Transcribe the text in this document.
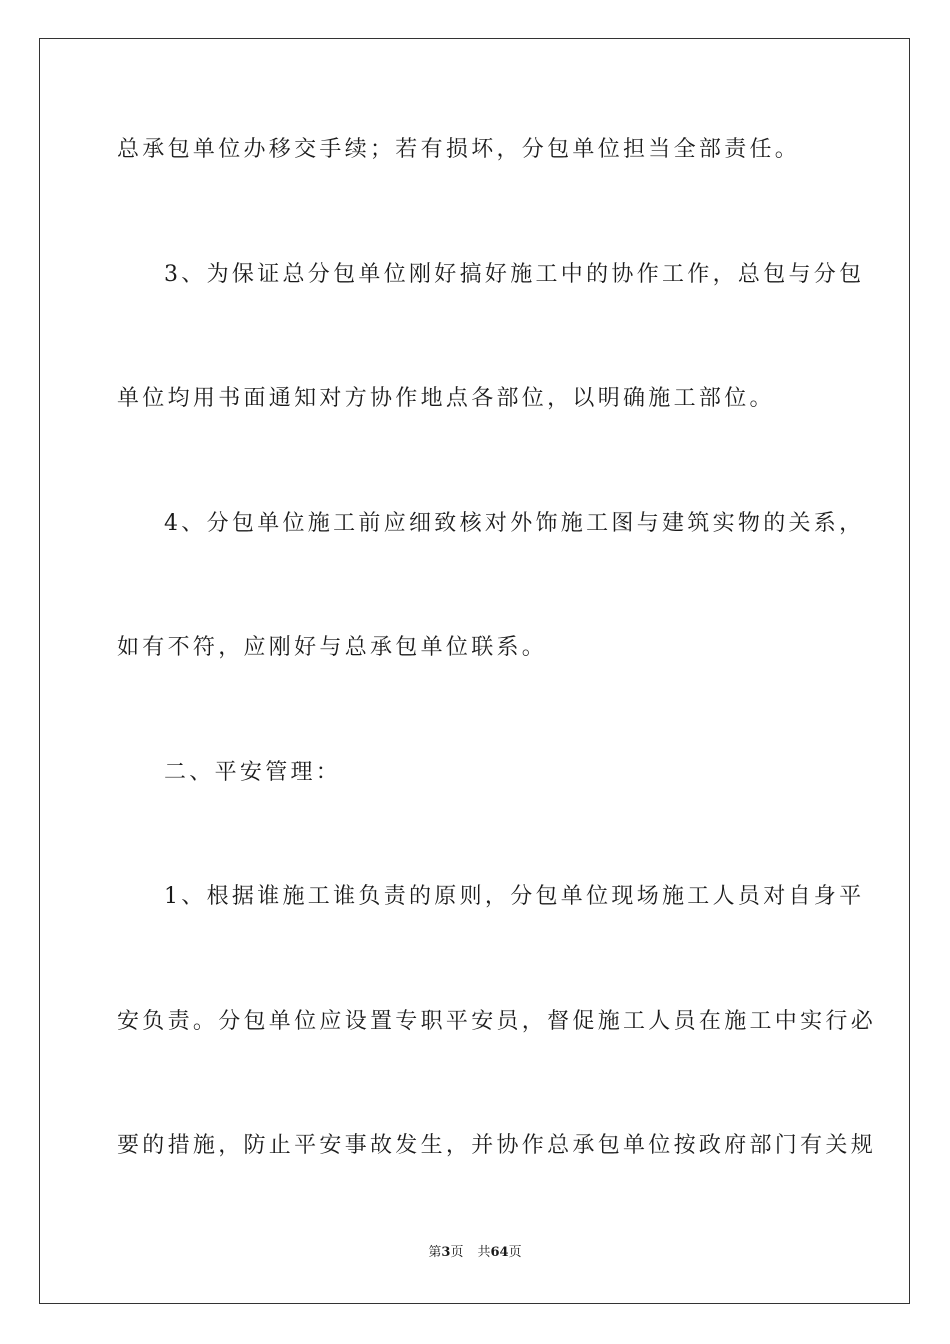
总承包单位办移交手续；若有损坏，分包单位担当全部责任。
3、为保证总分包单位刚好搞好施工中的协作工作，总包与分包
单位均用书面通知对方协作地点各部位，以明确施工部位。
4、分包单位施工前应细致核对外饰施工图与建筑实物的关系，
如有不符，应刚好与总承包单位联系。
二、平安管理：
1、根据谁施工谁负责的原则，分包单位现场施工人员对自身平
安负责。分包单位应设置专职平安员，督促施工人员在施工中实行必
要的措施，防止平安事故发生，并协作总承包单位按政府部门有关规
第3页 共64页
